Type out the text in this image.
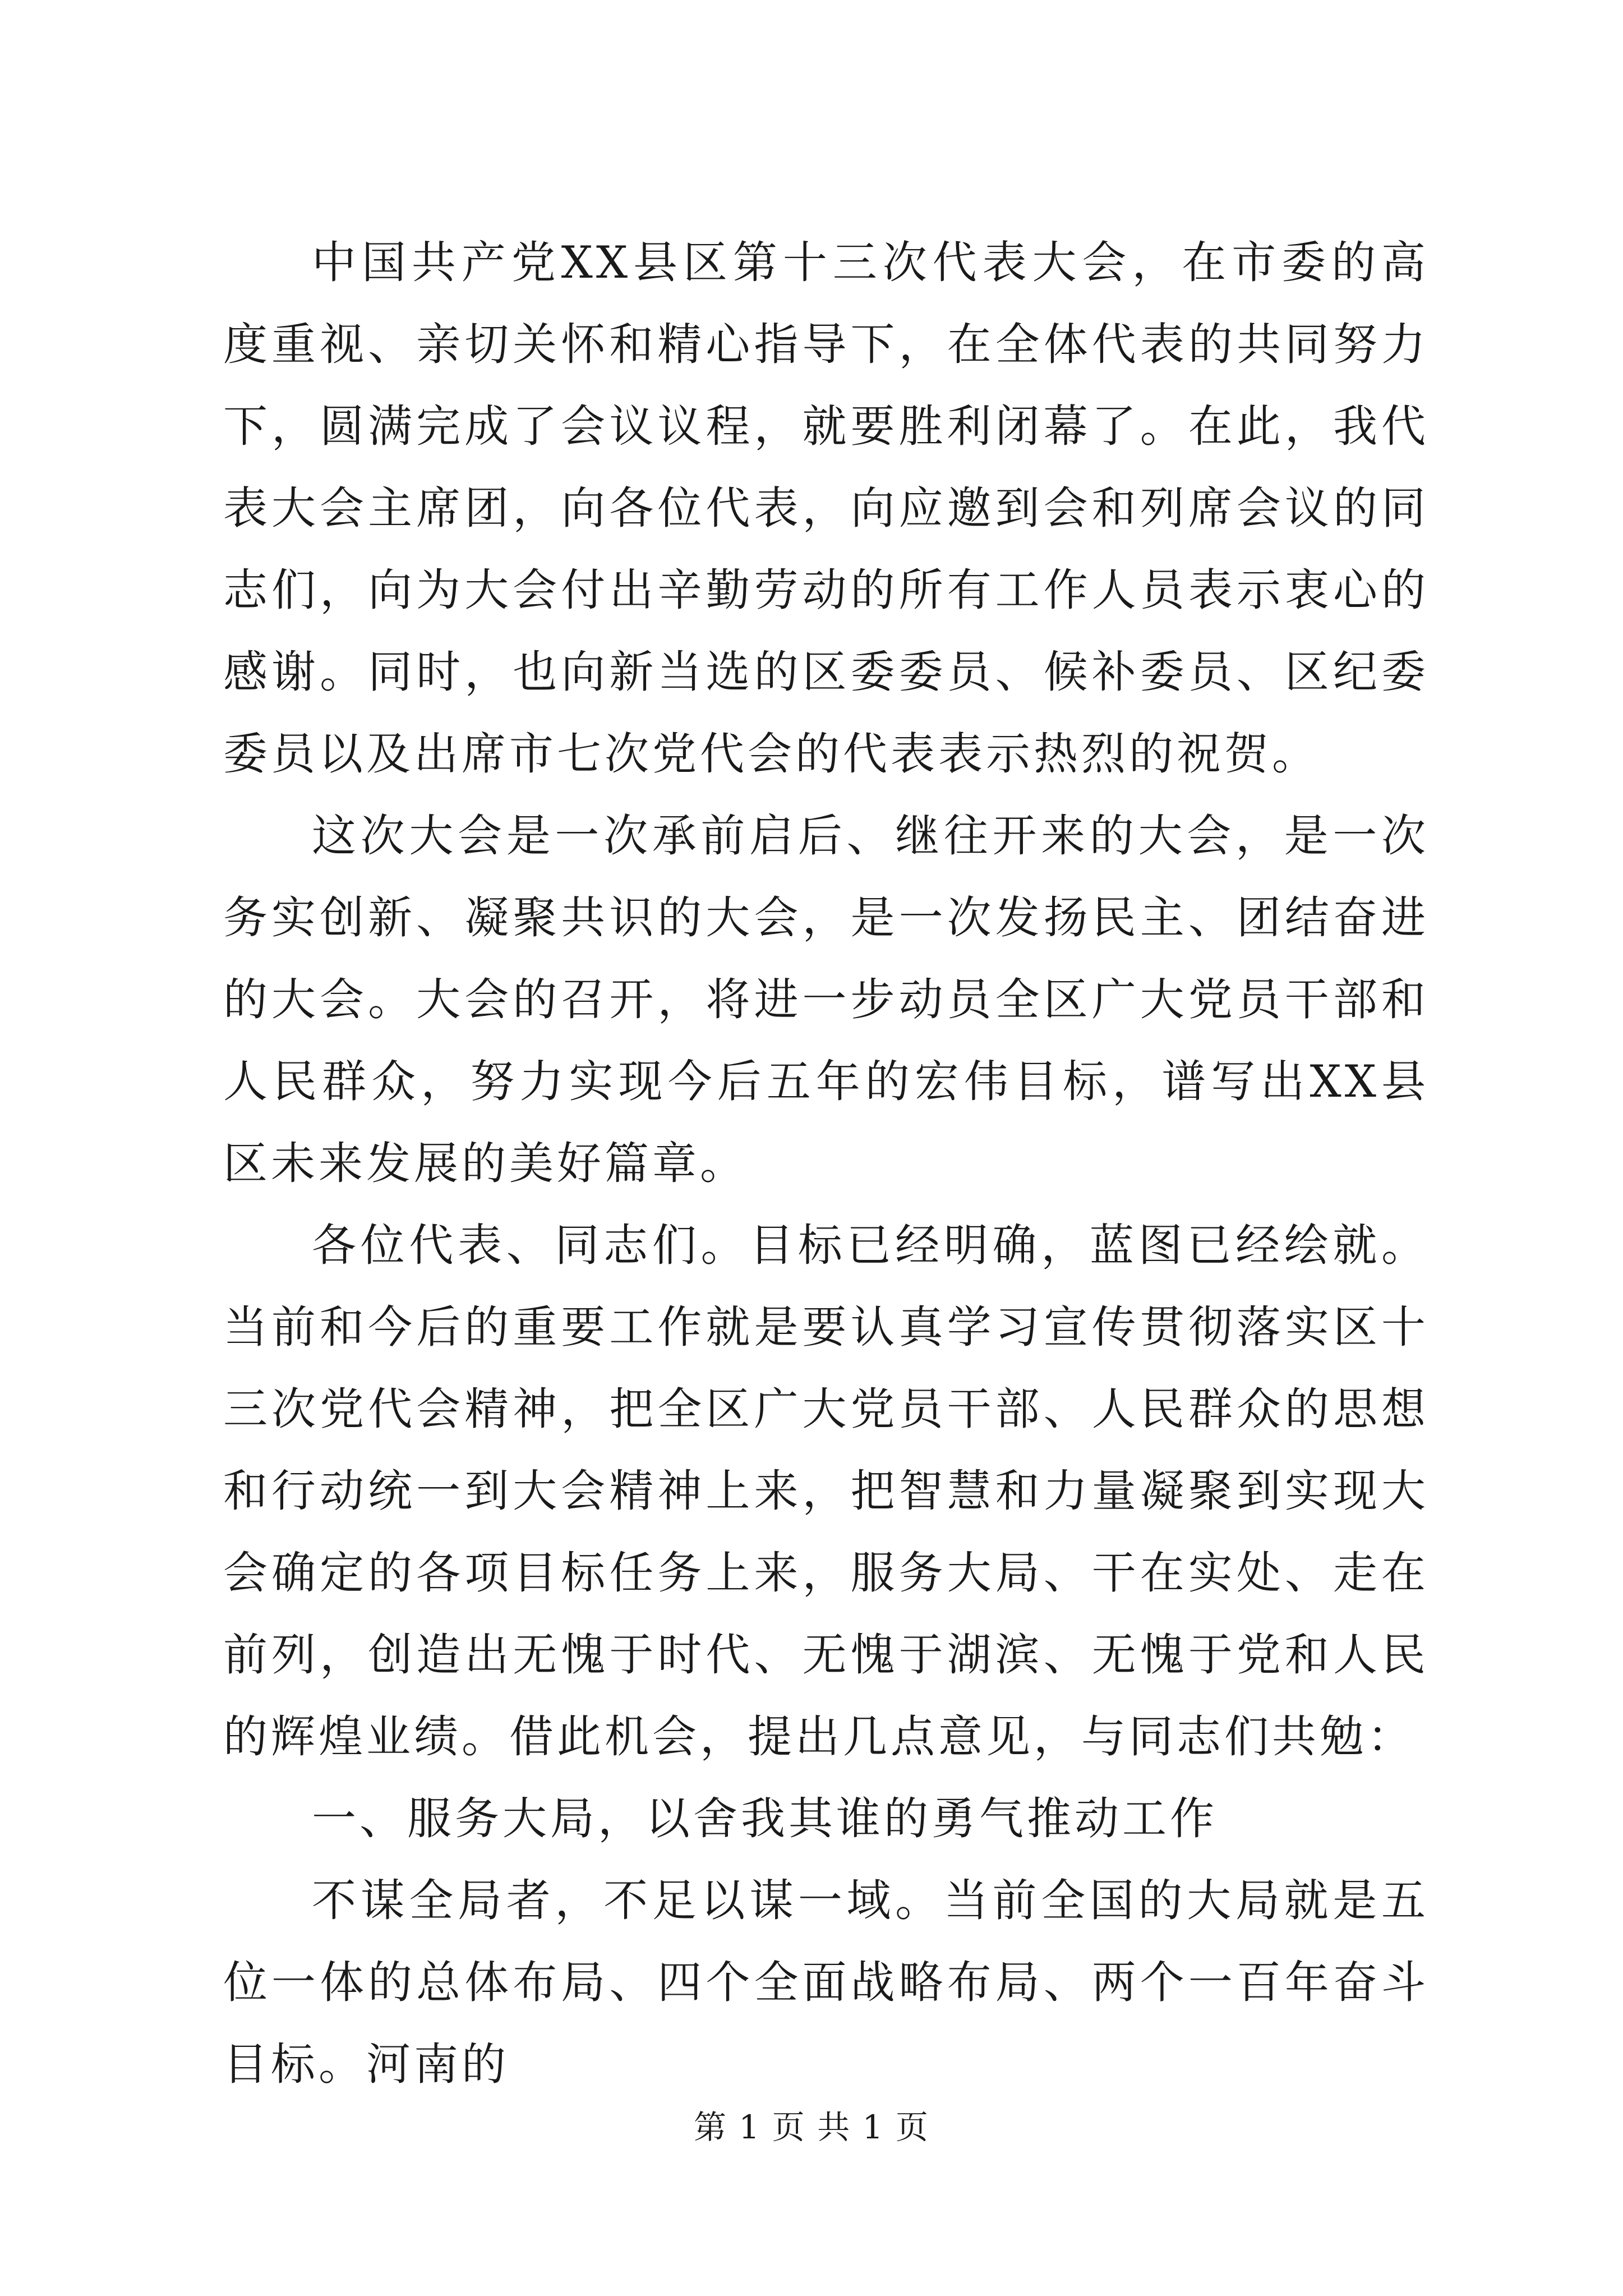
中国共产党XX县区第十三次代表大会，在市委的高度重视、亲切关怀和精心指导下，在全体代表的共同努力下，圆满完成了会议议程，就要胜利闭幕了。在此，我代表大会主席团，向各位代表，向应邀到会和列席会议的同志们，向为大会付出辛勤劳动的所有工作人员表示衷心的感谢。同时，也向新当选的区委委员、候补委员、区纪委委员以及出席市七次党代会的代表表示热烈的祝贺。

这次大会是一次承前启后、继往开来的大会，是一次务实创新、凝聚共识的大会，是一次发扬民主、团结奋进的大会。大会的召开，将进一步动员全区广大党员干部和人民群众，努力实现今后五年的宏伟目标，谱写出XX县区未来发展的美好篇章。

各位代表、同志们。目标已经明确，蓝图已经绘就。当前和今后的重要工作就是要认真学习宣传贯彻落实区十三次党代会精神，把全区广大党员干部、人民群众的思想和行动统一到大会精神上来，把智慧和力量凝聚到实现大会确定的各项目标任务上来，服务大局、干在实处、走在前列，创造出无愧于时代、无愧于湖滨、无愧于党和人民的辉煌业绩。借此机会，提出几点意见，与同志们共勉：

一、服务大局，以舍我其谁的勇气推动工作

不谋全局者，不足以谋一域。当前全国的大局就是五位一体的总体布局、四个全面战略布局、两个一百年奋斗目标。河南的

第 1 页 共 1 页
